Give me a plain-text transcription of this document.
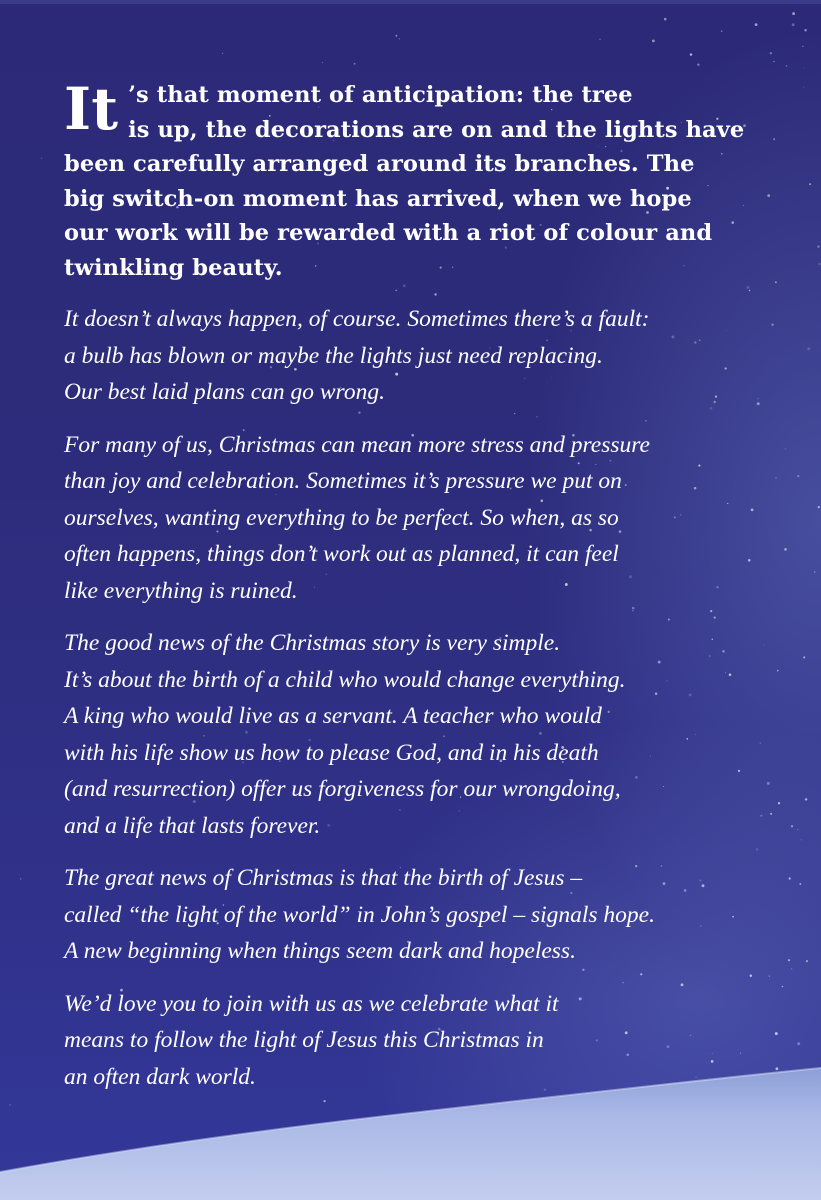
It ’s that moment of anticipation: the tree
is up, the decorations are on and the lights have
been carefully arranged around its branches. The
big switch-on moment has arrived, when we hope
our work will be rewarded with a riot of colour and
twinkling beauty.

It doesn’t always happen, of course. Sometimes there’s a fault:
a bulb has blown or maybe the lights just need replacing.
Our best laid plans can go wrong.

For many of us, Christmas can mean more stress and pressure
than joy and celebration. Sometimes it’s pressure we put on
ourselves, wanting everything to be perfect. So when, as so
often happens, things don’t work out as planned, it can feel
like everything is ruined.

The good news of the Christmas story is very simple.
It’s about the birth of a child who would change everything.
A king who would live as a servant. A teacher who would
with his life show us how to please God, and in his death
(and resurrection) offer us forgiveness for our wrongdoing,
and a life that lasts forever.

The great news of Christmas is that the birth of Jesus –
called “the light of the world” in John’s gospel – signals hope.
A new beginning when things seem dark and hopeless.

We’d love you to join with us as we celebrate what it
means to follow the light of Jesus this Christmas in
an often dark world.
